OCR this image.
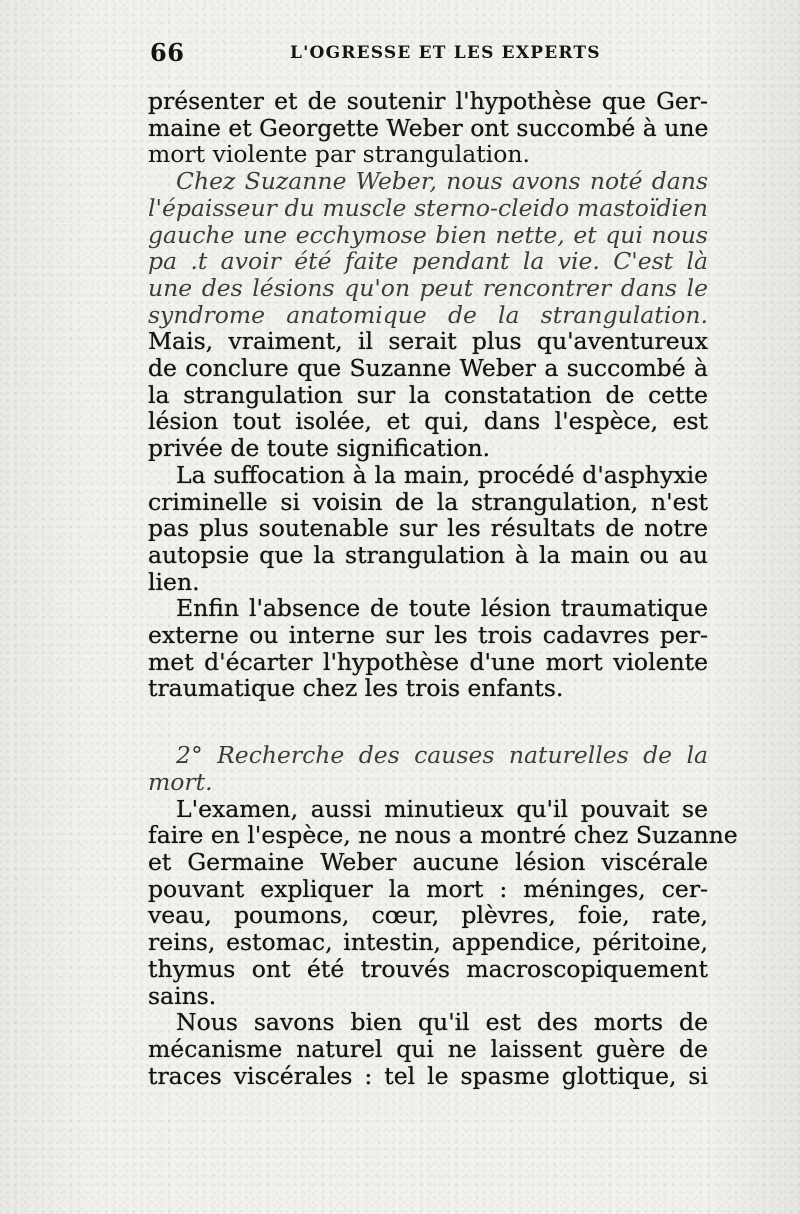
66	L'OGRESSE ET LES EXPERTS
présenter et de soutenir l'hypothèse que Ger-
maine et Georgette Weber ont succombé à une
mort violente par strangulation.
Chez Suzanne Weber, nous avons noté dans
l'épaisseur du muscle sterno-cleido mastoïdien
gauche une ecchymose bien nette, et qui nous
pa .t avoir été faite pendant la vie. C'est là
une des lésions qu'on peut rencontrer dans le
syndrome anatomique de la strangulation.
Mais, vraiment, il serait plus qu'aventureux
de conclure que Suzanne Weber a succombé à
la strangulation sur la constatation de cette
lésion tout isolée, et qui, dans l'espèce, est
privée de toute signification.
La suffocation à la main, procédé d'asphyxie
criminelle si voisin de la strangulation, n'est
pas plus soutenable sur les résultats de notre
autopsie que la strangulation à la main ou au
lien.
Enfin l'absence de toute lésion traumatique
externe ou interne sur les trois cadavres per-
met d'écarter l'hypothèse d'une mort violente
traumatique chez les trois enfants.
2° Recherche des causes naturelles de la
mort.
L'examen, aussi minutieux qu'il pouvait se
faire en l'espèce, ne nous a montré chez Suzanne
et Germaine Weber aucune lésion viscérale
pouvant expliquer la mort : méninges, cer-
veau, poumons, cœur, plèvres, foie, rate,
reins, estomac, intestin, appendice, péritoine,
thymus ont été trouvés macroscopiquement
sains.
Nous savons bien qu'il est des morts de
mécanisme naturel qui ne laissent guère de
traces viscérales : tel le spasme glottique, si
